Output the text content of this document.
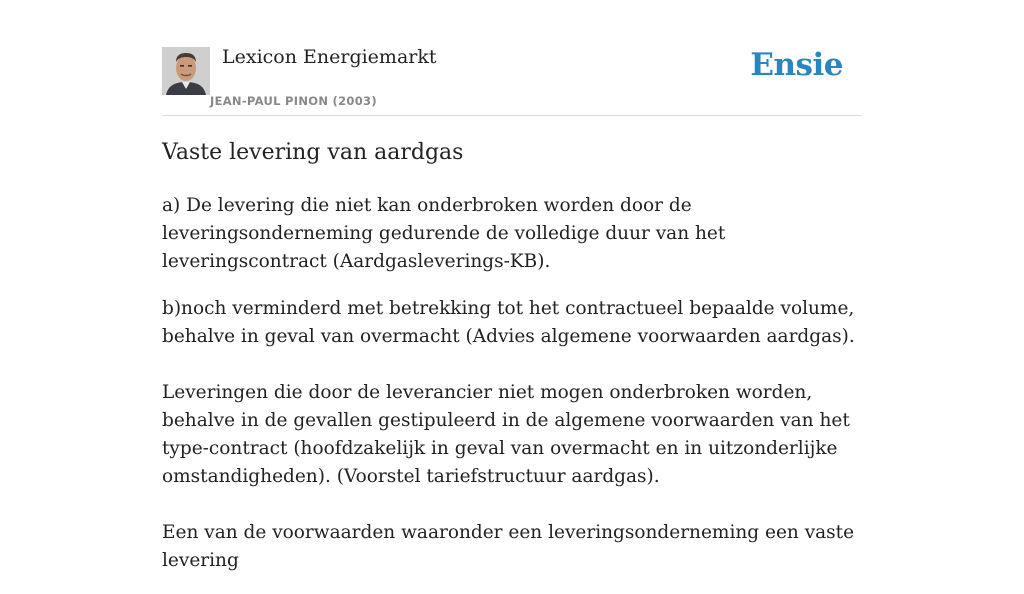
Lexicon Energiemarkt
JEAN-PAUL PINON (2003)
Ensie
Vaste levering van aardgas

a) De levering die niet kan onderbroken worden door de leveringsonderneming gedurende de volledige duur van het leveringscontract (Aardgasleverings-KB).

b)noch verminderd met betrekking tot het contractueel bepaalde volume, behalve in geval van overmacht (Advies algemene voorwaarden aardgas).

Leveringen die door de leverancier niet mogen onderbroken worden, behalve in de gevallen gestipuleerd in de algemene voorwaarden van het type-contract (hoofdzakelijk in geval van overmacht en in uitzonderlijke omstandigheden). (Voorstel tariefstructuur aardgas).

Een van de voorwaarden waaronder een leveringsonderneming een vaste levering
